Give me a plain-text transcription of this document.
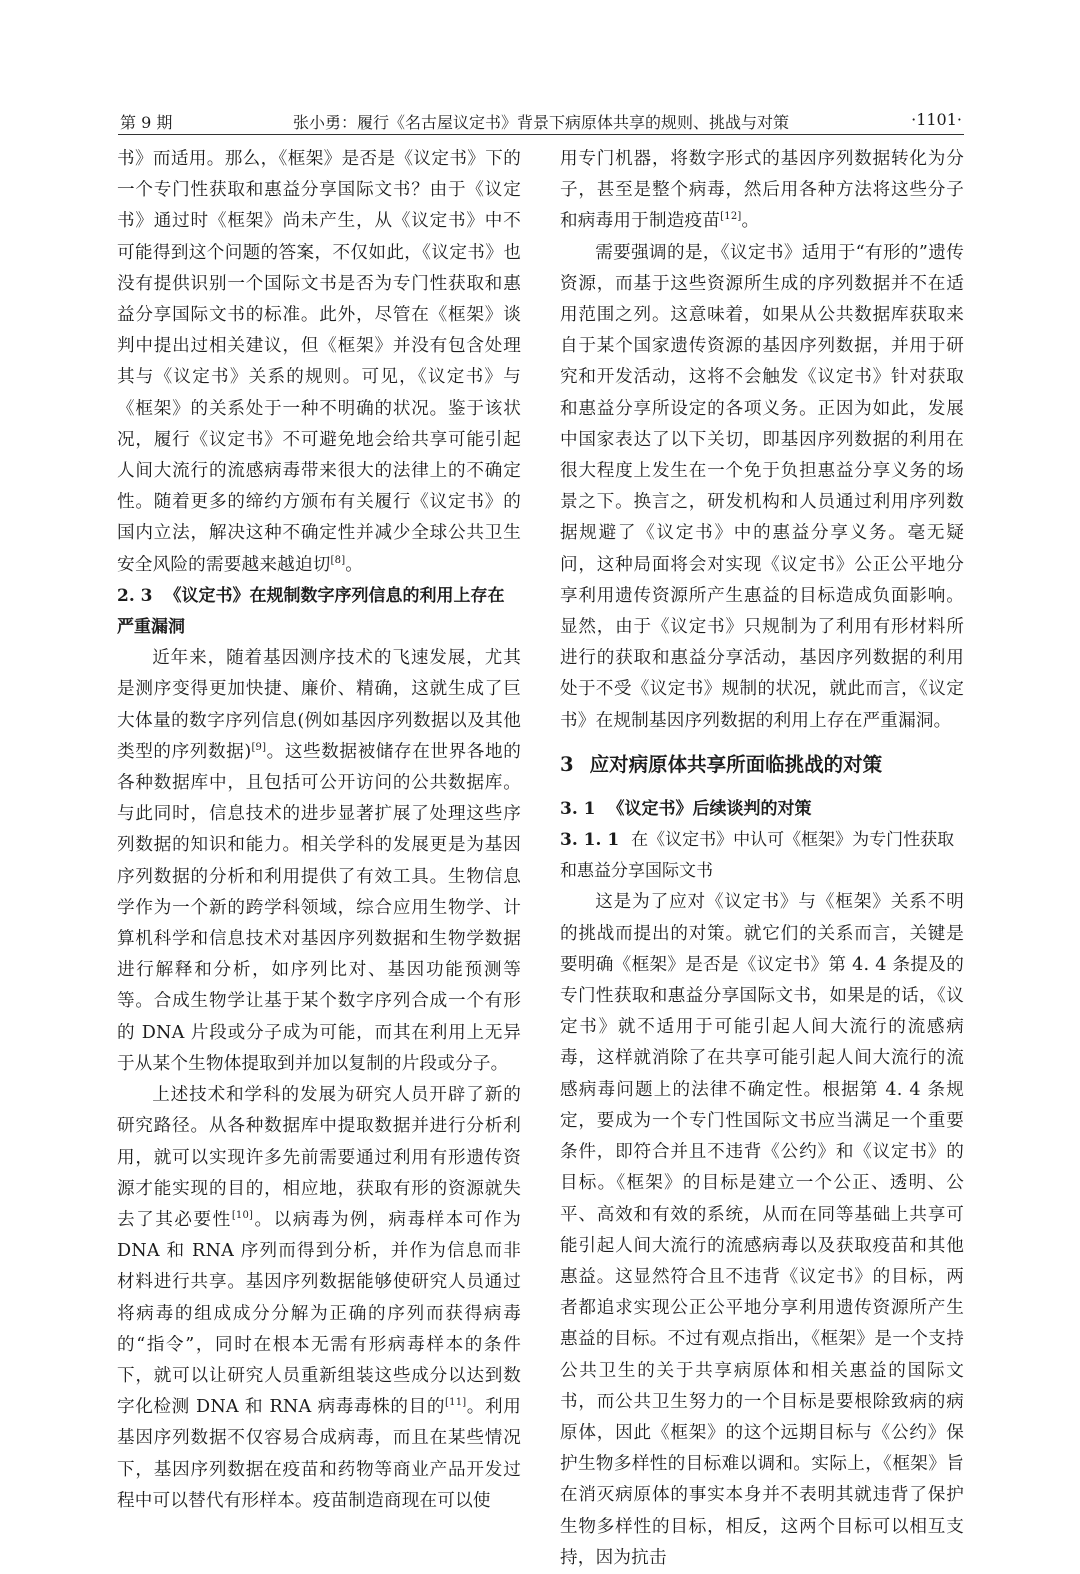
第 9 期	张小勇：履行《名古屋议定书》背景下病原体共享的规则、挑战与对策	·1101·

书》而适用。那么，《框架》是否是《议定书》下的一个专门性获取和惠益分享国际文书？由于《议定书》通过时《框架》尚未产生，从《议定书》中不可能得到这个问题的答案，不仅如此，《议定书》也没有提供识别一个国际文书是否为专门性获取和惠益分享国际文书的标准。此外，尽管在《框架》谈判中提出过相关建议，但《框架》并没有包含处理其与《议定书》关系的规则。可见，《议定书》与《框架》的关系处于一种不明确的状况。鉴于该状况，履行《议定书》不可避免地会给共享可能引起人间大流行的流感病毒带来很大的法律上的不确定性。随着更多的缔约方颁布有关履行《议定书》的国内立法，解决这种不确定性并减少全球公共卫生安全风险的需要越来越迫切[8]。

2. 3 《议定书》在规制数字序列信息的利用上存在严重漏洞

近年来，随着基因测序技术的飞速发展，尤其是测序变得更加快捷、廉价、精确，这就生成了巨大体量的数字序列信息(例如基因序列数据以及其他类型的序列数据)[9]。这些数据被储存在世界各地的各种数据库中，且包括可公开访问的公共数据库。与此同时，信息技术的进步显著扩展了处理这些序列数据的知识和能力。相关学科的发展更是为基因序列数据的分析和利用提供了有效工具。生物信息学作为一个新的跨学科领域，综合应用生物学、计算机科学和信息技术对基因序列数据和生物学数据进行解释和分析，如序列比对、基因功能预测等等。合成生物学让基于某个数字序列合成一个有形的 DNA 片段或分子成为可能，而其在利用上无异于从某个生物体提取到并加以复制的片段或分子。

上述技术和学科的发展为研究人员开辟了新的研究路径。从各种数据库中提取数据并进行分析利用，就可以实现许多先前需要通过利用有形遗传资源才能实现的目的，相应地，获取有形的资源就失去了其必要性[10]。以病毒为例，病毒样本可作为 DNA 和 RNA 序列而得到分析，并作为信息而非材料进行共享。基因序列数据能够使研究人员通过将病毒的组成成分分解为正确的序列而获得病毒的“指令”，同时在根本无需有形病毒样本的条件下，就可以让研究人员重新组装这些成分以达到数字化检测 DNA 和 RNA 病毒毒株的目的[11]。利用基因序列数据不仅容易合成病毒，而且在某些情况下，基因序列数据在疫苗和药物等商业产品开发过程中可以替代有形样本。疫苗制造商现在可以使

用专门机器，将数字形式的基因序列数据转化为分子，甚至是整个病毒，然后用各种方法将这些分子和病毒用于制造疫苗[12]。

需要强调的是，《议定书》适用于“有形的”遗传资源，而基于这些资源所生成的序列数据并不在适用范围之列。这意味着，如果从公共数据库获取来自于某个国家遗传资源的基因序列数据，并用于研究和开发活动，这将不会触发《议定书》针对获取和惠益分享所设定的各项义务。正因为如此，发展中国家表达了以下关切，即基因序列数据的利用在很大程度上发生在一个免于负担惠益分享义务的场景之下。换言之，研发机构和人员通过利用序列数据规避了《议定书》中的惠益分享义务。毫无疑问，这种局面将会对实现《议定书》公正公平地分享利用遗传资源所产生惠益的目标造成负面影响。显然，由于《议定书》只规制为了利用有形材料所进行的获取和惠益分享活动，基因序列数据的利用处于不受《议定书》规制的状况，就此而言，《议定书》在规制基因序列数据的利用上存在严重漏洞。

3 应对病原体共享所面临挑战的对策
3. 1 《议定书》后续谈判的对策
3. 1. 1 在《议定书》中认可《框架》为专门性获取和惠益分享国际文书

这是为了应对《议定书》与《框架》关系不明的挑战而提出的对策。就它们的关系而言，关键是要明确《框架》是否是《议定书》第 4. 4 条提及的专门性获取和惠益分享国际文书，如果是的话，《议定书》就不适用于可能引起人间大流行的流感病毒，这样就消除了在共享可能引起人间大流行的流感病毒问题上的法律不确定性。根据第 4. 4 条规定，要成为一个专门性国际文书应当满足一个重要条件，即符合并且不违背《公约》和《议定书》的目标。《框架》的目标是建立一个公正、透明、公平、高效和有效的系统，从而在同等基础上共享可能引起人间大流行的流感病毒以及获取疫苗和其他惠益。这显然符合且不违背《议定书》的目标，两者都追求实现公正公平地分享利用遗传资源所产生惠益的目标。不过有观点指出，《框架》是一个支持公共卫生的关于共享病原体和相关惠益的国际文书，而公共卫生努力的一个目标是要根除致病的病原体，因此《框架》的这个远期目标与《公约》保护生物多样性的目标难以调和。实际上，《框架》旨在消灭病原体的事实本身并不表明其就违背了保护生物多样性的目标，相反，这两个目标可以相互支持，因为抗击
